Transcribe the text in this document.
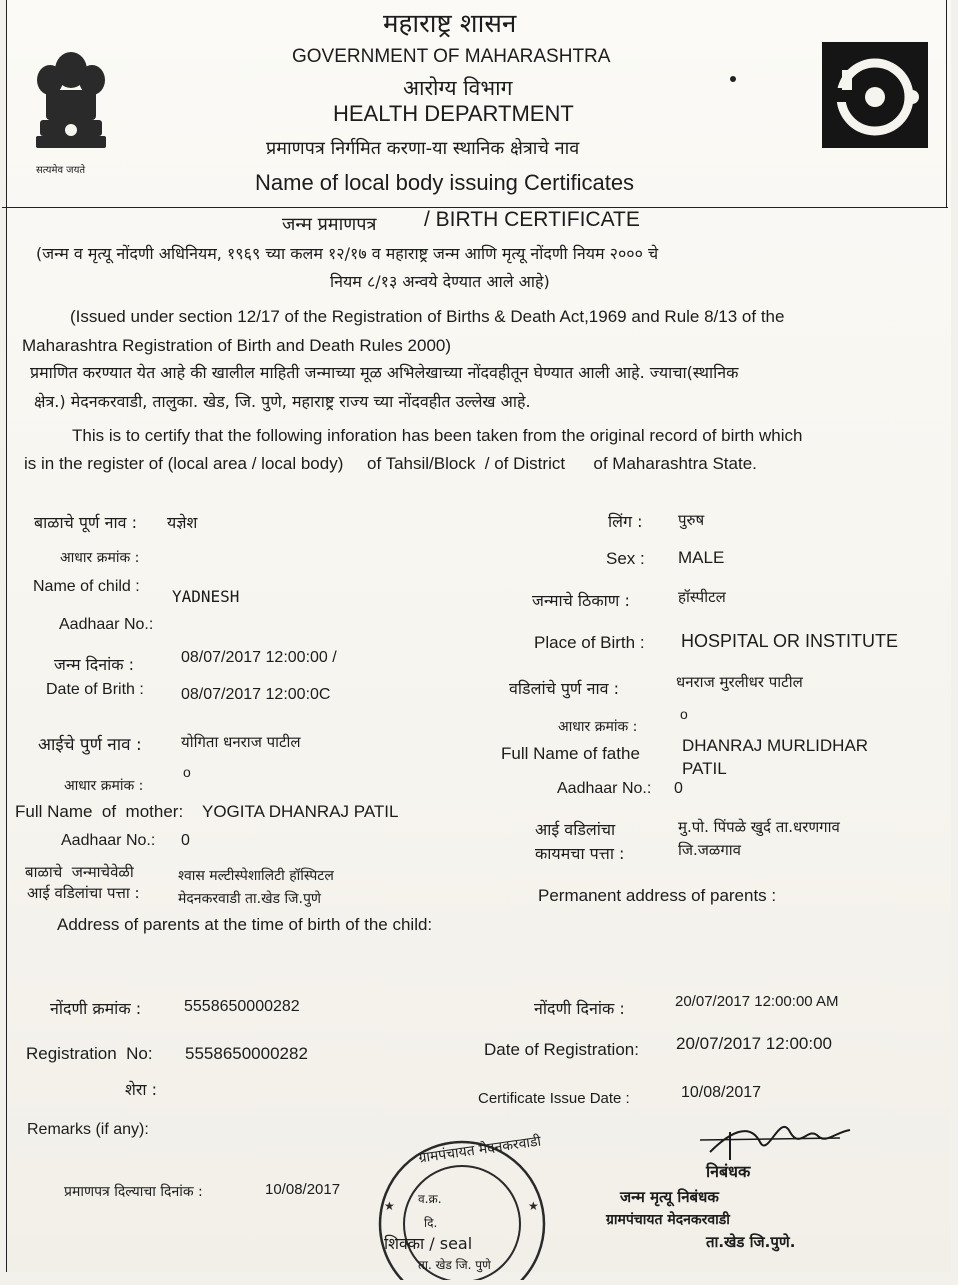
सत्यमेव जयते
महाराष्ट्र शासन
GOVERNMENT OF MAHARASHTRA
आरोग्य विभाग
HEALTH DEPARTMENT
प्रमाणपत्र निर्गमित करणा-या स्थानिक क्षेत्राचे नाव
Name of local body issuing Certificates
जन्म प्रमाणपत्र / BIRTH CERTIFICATE
(जन्म व मृत्यू नोंदणी अधिनियम, १९६९ च्या कलम १२/१७ व महाराष्ट्र जन्म आणि मृत्यू नोंदणी नियम २००० चे
नियम ८/१३ अन्वये देण्यात आले आहे)
(Issued under section 12/17 of the Registration of Births & Death Act,1969 and Rule 8/13 of the
Maharashtra Registration of Birth and Death Rules 2000)
प्रमाणित करण्यात येत आहे की खालील माहिती जन्माच्या मूळ अभिलेखाच्या नोंदवहीतून घेण्यात आली आहे. ज्याचा(स्थानिक
क्षेत्र.) मेदनकरवाडी, तालुका. खेड, जि. पुणे, महाराष्ट्र राज्य च्या नोंदवहीत उल्लेख आहे.
This is to certify that the following inforation has been taken from the original record of birth which
is in the register of (local area / local body)     of Tahsil/Block  / of District      of Maharashtra State.
बाळाचे पूर्ण नाव : यज्ञेश
आधार क्रमांक :
Name of child :
YADNESH
Aadhaar No.:
जन्म दिनांक :	08/07/2017 12:00:00 /
Date of Brith : 08/07/2017 12:00:0C
आईचे पुर्ण नाव :	योगिता धनराज पाटील
आधार क्रमांक :
o
Full Name  of  mother: YOGITA DHANRAJ PATIL
Aadhaar No.: 0
बाळाचे  जन्माचेवेळी
आई वडिलांचा पत्ता :
श्वास मल्टीस्पेशालिटी हॉस्पिटल
मेदनकरवाडी ता.खेड जि.पुणे
Address of parents at the time of birth of the child:
लिंग : पुरुष
Sex : MALE
जन्माचे ठिकाण :	हॉस्पीटल
Place of Birth : HOSPITAL OR INSTITUTE
वडिलांचे पुर्ण नाव :	धनराज मुरलीधर पाटील
आधार क्रमांक :
o
Full Name of fathe DHANRAJ MURLIDHAR
PATIL
Aadhaar No.: 0
आई वडिलांचा
कायमचा पत्ता :
मु.पो. पिंपळे खुर्द ता.धरणगाव
जि.जळगाव
Permanent address of parents :
नोंदणी क्रमांक :	5558650000282
Registration  No: 5558650000282
नोंदणी दिनांक :	20/07/2017 12:00:00 AM
Date of Registration: 20/07/2017 12:00:00
शेरा :
Remarks (if any):
Certificate Issue Date :	10/08/2017
प्रमाणपत्र दिल्याचा दिनांक :	10/08/2017
★
★
ग्रामपंचायत मेदनकरवाडी
व.क्र.
दि.
शिक्का / seal
ता. खेड जि. पुणे
निबंधक
जन्म मृत्यू निबंधक
ग्रामपंचायत मेदनकरवाडी
ता.खेड जि.पुणे.
